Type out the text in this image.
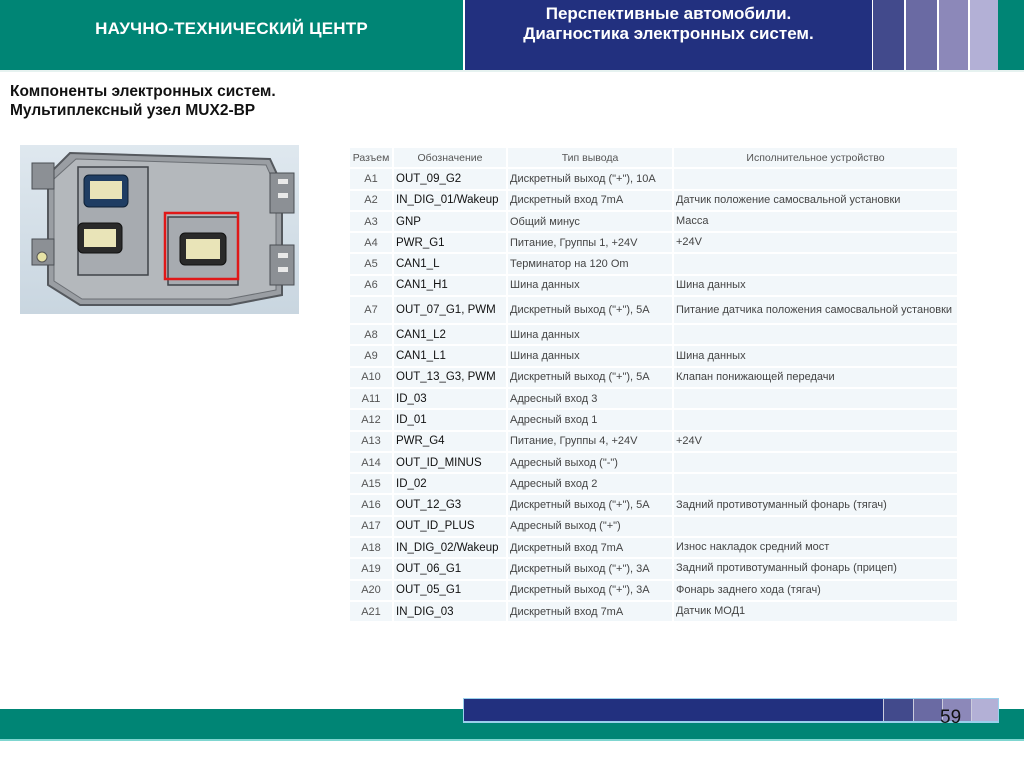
НАУЧНО-ТЕХНИЧЕСКИЙ ЦЕНТР
Перспективные автомобили.
Диагностика электронных систем.
Компоненты электронных систем.
Мультиплексный узел MUX2-BP
Разъем	Обозначение	Тип вывода	Исполнительное устройство
A1	OUT_09_G2	Дискретный выход ("+"), 10A	
A2	IN_DIG_01/Wakeup	Дискретный вход 7mA	Датчик положение самосвальной установки
A3	GNP	Общий минус	Масса
A4	PWR_G1	Питание, Группы 1, +24V	+24V
A5	CAN1_L	Терминатор на 120 Om	
A6	CAN1_H1	Шина данных	Шина данных
A7	OUT_07_G1, PWM	Дискретный выход ("+"), 5A	Питание датчика положения самосвальной установки
A8	CAN1_L2	Шина данных	
A9	CAN1_L1	Шина данных	Шина данных
A10	OUT_13_G3, PWM	Дискретный выход ("+"), 5A	Клапан понижающей передачи
A11	ID_03	Адресный вход 3	
A12	ID_01	Адресный вход 1	
A13	PWR_G4	Питание, Группы 4, +24V	+24V
A14	OUT_ID_MINUS	Адресный выход ("-")	
A15	ID_02	Адресный вход 2	
A16	OUT_12_G3	Дискретный выход ("+"), 5A	Задний противотуманный фонарь (тягач)
A17	OUT_ID_PLUS	Адресный выход ("+")	
A18	IN_DIG_02/Wakeup	Дискретный вход 7mA	Износ накладок средний мост
A19	OUT_06_G1	Дискретный выход ("+"), 3A	Задний противотуманный фонарь (прицеп)
A20	OUT_05_G1	Дискретный выход ("+"), 3A	Фонарь заднего хода (тягач)
A21	IN_DIG_03	Дискретный вход 7mA	Датчик МОД1
59
